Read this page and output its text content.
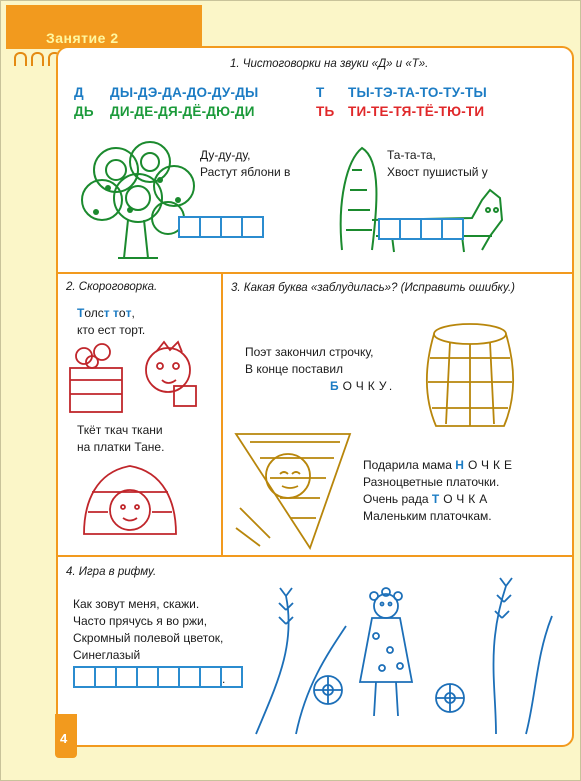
Занятие 2
1. Чистоговорки на звуки «Д» и «Т».
Д ДЫ-ДЭ-ДА-ДО-ДУ-ДЫ
ДЬ ДИ-ДЕ-ДЯ-ДЁ-ДЮ-ДИ
Т ТЫ-ТЭ-ТА-ТО-ТУ-ТЫ
ТЬ ТИ-ТЕ-ТЯ-ТЁ-ТЮ-ТИ
Ду-ду-ду,
Растут яблони в
Та-та-та,
Хвост пушистый у
2. Скороговорка.
Толст тот,
кто ест торт.
Ткёт ткач ткани
на платки Тане.
3. Какая буква «заблудилась»? (Исправить ошибку.)
Поэт закончил строчку,
В конце поставил
БОЧКУ.
Подарила мама НОЧКЕ
Разноцветные платочки.
Очень рада ТОЧКА
Маленьким платочкам.
4. Игра в рифму.
Как зовут меня, скажи.
Часто прячусь я во ржи,
Скромный полевой цветок,
Синеглазый
.
4
